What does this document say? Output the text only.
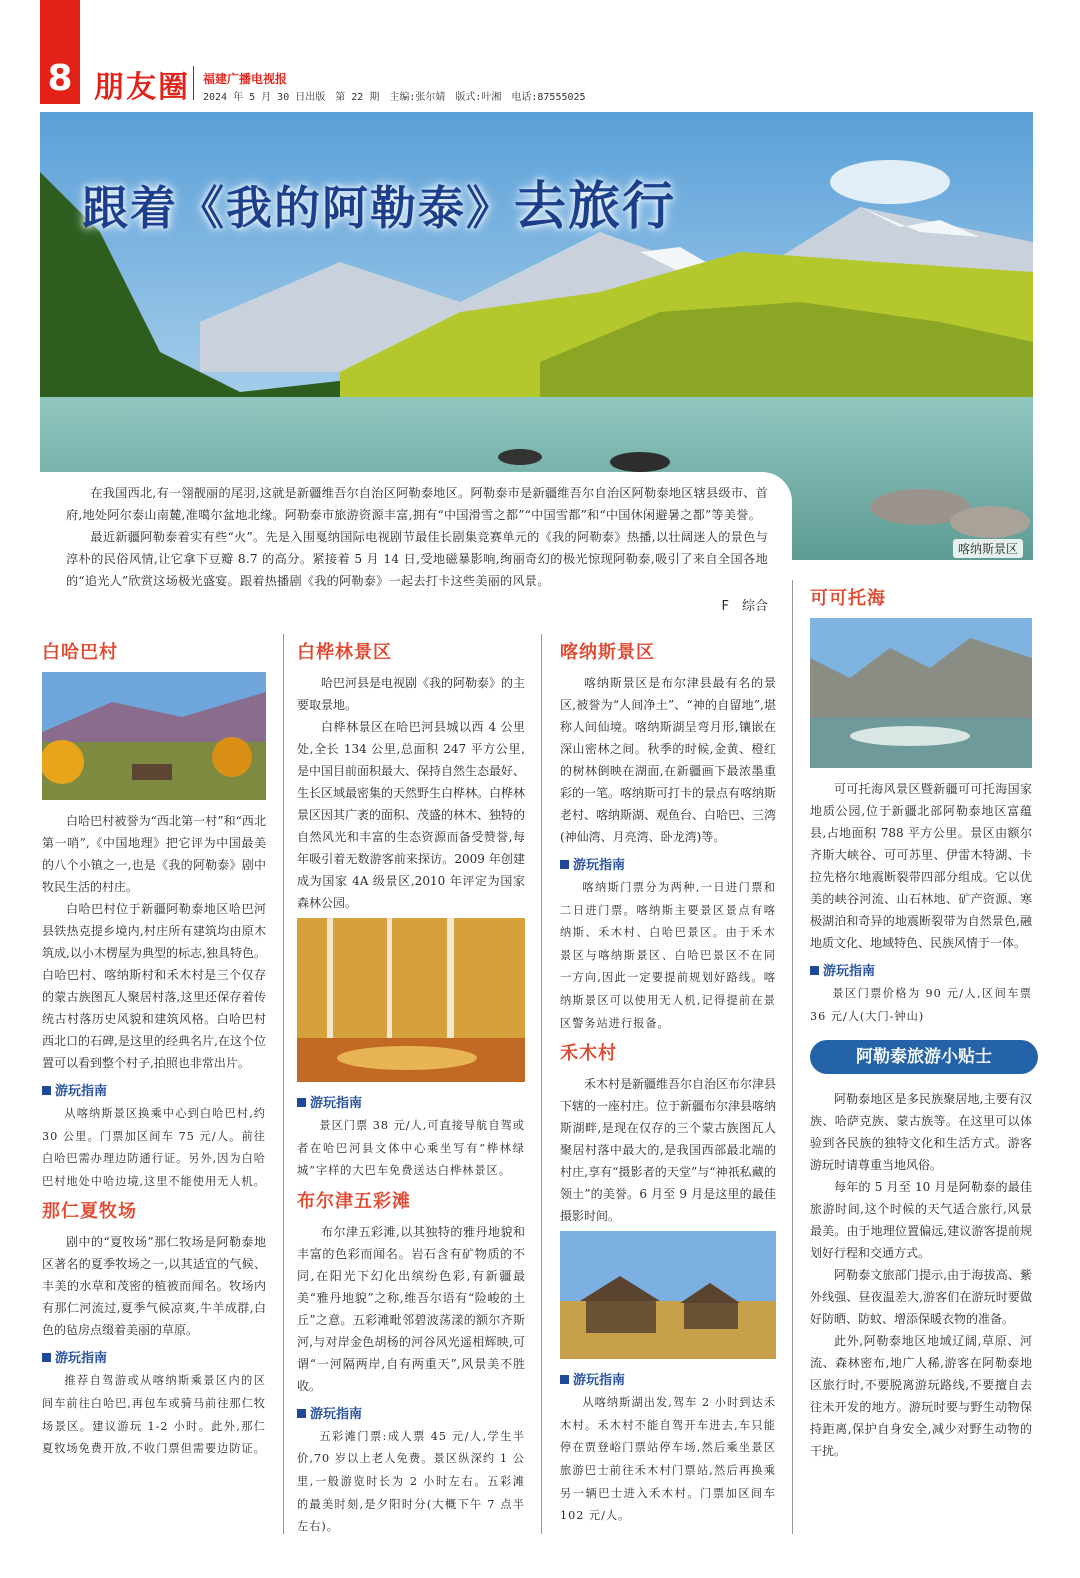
8 朋友圈 福建广播电视报
2024 年 5 月 30 日出版　第 22 期　主编:张尔婧　版式:叶湘　电话:87555025
跟着《我的阿勒泰》去旅行
喀纳斯景区

在我国西北,有一翎靓丽的尾羽,这就是新疆维吾尔自治区阿勒泰地区。阿勒泰市是新疆维吾尔自治区阿勒泰地区辖县级市、首府,地处阿尔泰山南麓,准噶尔盆地北缘。阿勒泰市旅游资源丰富,拥有“中国滑雪之都”“中国雪都”和“中国休闲避暑之都”等美誉。

最近新疆阿勒泰着实有些“火”。先是入围戛纳国际电视剧节最佳长剧集竞赛单元的《我的阿勒泰》热播,以壮阔迷人的景色与淳朴的民俗风情,让它拿下豆瓣 8.7 的高分。紧接着 5 月 14 日,受地磁暴影响,绚丽奇幻的极光惊现阿勒泰,吸引了来自全国各地的“追光人”欣赏这场极光盛宴。跟着热播剧《我的阿勒泰》一起去打卡这些美丽的风景。

F　综合
白哈巴村

白哈巴村被誉为“西北第一村”和“西北第一哨”,《中国地理》把它评为中国最美的八个小镇之一,也是《我的阿勒泰》剧中牧民生活的村庄。

白哈巴村位于新疆阿勒泰地区哈巴河县铁热克提乡境内,村庄所有建筑均由原木筑成,以小木楞屋为典型的标志,独具特色。白哈巴村、喀纳斯村和禾木村是三个仅存的蒙古族图瓦人聚居村落,这里还保存着传统古村落历史风貌和建筑风格。白哈巴村西北口的石碑,是这里的经典名片,在这个位置可以看到整个村子,拍照也非常出片。

游玩指南

从喀纳斯景区换乘中心到白哈巴村,约 30 公里。门票加区间车 75 元/人。前往白哈巴需办理边防通行证。另外,因为白哈巴村地处中哈边境,这里不能使用无人机。

那仁夏牧场

剧中的“夏牧场”那仁牧场是阿勒泰地区著名的夏季牧场之一,以其适宜的气候、丰美的水草和茂密的植被而闻名。牧场内有那仁河流过,夏季气候凉爽,牛羊成群,白色的毡房点缀着美丽的草原。

游玩指南

推荐自驾游或从喀纳斯乘景区内的区间车前往白哈巴,再包车或骑马前往那仁牧场景区。建议游玩 1-2 小时。此外,那仁夏牧场免费开放,不收门票但需要边防证。

白桦林景区

哈巴河县是电视剧《我的阿勒泰》的主要取景地。

白桦林景区在哈巴河县城以西 4 公里处,全长 134 公里,总面积 247 平方公里,是中国目前面积最大、保持自然生态最好、生长区域最密集的天然野生白桦林。白桦林景区因其广袤的面积、茂盛的林木、独特的自然风光和丰富的生态资源而备受赞誉,每年吸引着无数游客前来探访。2009 年创建成为国家 4A 级景区,2010 年评定为国家森林公园。

游玩指南

景区门票 38 元/人,可直接导航自驾或者在哈巴河县文体中心乘坐写有“桦林绿城”字样的大巴车免费送达白桦林景区。

布尔津五彩滩

布尔津五彩滩,以其独特的雅丹地貌和丰富的色彩而闻名。岩石含有矿物质的不同,在阳光下幻化出缤纷色彩,有新疆最美“雅丹地貌”之称,维吾尔语有“险峻的土丘”之意。五彩滩毗邻碧波荡漾的额尔齐斯河,与对岸金色胡杨的河谷风光遥相辉映,可谓“一河隔两岸,自有两重天”,风景美不胜收。

游玩指南

五彩滩门票:成人票 45 元/人,学生半价,70 岁以上老人免费。景区纵深约 1 公里,一般游览时长为 2 小时左右。五彩滩的最美时刻,是夕阳时分(大概下午 7 点半左右)。

喀纳斯景区

喀纳斯景区是布尔津县最有名的景区,被誉为“人间净土”、“神的自留地”,堪称人间仙境。喀纳斯湖呈弯月形,镶嵌在深山密林之间。秋季的时候,金黄、橙红的树林倒映在湖面,在新疆画下最浓墨重彩的一笔。喀纳斯可打卡的景点有喀纳斯老村、喀纳斯湖、观鱼台、白哈巴、三湾(神仙湾、月亮湾、卧龙湾)等。

游玩指南

喀纳斯门票分为两种,一日进门票和二日进门票。喀纳斯主要景区景点有喀纳斯、禾木村、白哈巴景区。由于禾木景区与喀纳斯景区、白哈巴景区不在同一方向,因此一定要提前规划好路线。喀纳斯景区可以使用无人机,记得提前在景区警务站进行报备。

禾木村

禾木村是新疆维吾尔自治区布尔津县下辖的一座村庄。位于新疆布尔津县喀纳斯湖畔,是现在仅存的三个蒙古族图瓦人聚居村落中最大的,是我国西部最北端的村庄,享有“摄影者的天堂”与“神祇私藏的领土”的美誉。6 月至 9 月是这里的最佳摄影时间。

游玩指南

从喀纳斯湖出发,驾车 2 小时到达禾木村。禾木村不能自驾开车进去,车只能停在贾登峪门票站停车场,然后乘坐景区旅游巴士前往禾木村门票站,然后再换乘另一辆巴士进入禾木村。门票加区间车 102 元/人。

可可托海

可可托海风景区暨新疆可可托海国家地质公园,位于新疆北部阿勒泰地区富蕴县,占地面积 788 平方公里。景区由额尔齐斯大峡谷、可可苏里、伊雷木特湖、卡拉先格尔地震断裂带四部分组成。它以优美的峡谷河流、山石林地、矿产资源、寒极湖泊和奇异的地震断裂带为自然景色,融地质文化、地域特色、民族风情于一体。

游玩指南

景区门票价格为 90 元/人,区间车票 36 元/人(大门-钟山)

阿勒泰旅游小贴士

阿勒泰地区是多民族聚居地,主要有汉族、哈萨克族、蒙古族等。在这里可以体验到各民族的独特文化和生活方式。游客游玩时请尊重当地风俗。

每年的 5 月至 10 月是阿勒泰的最佳旅游时间,这个时候的天气适合旅行,风景最美。由于地理位置偏远,建议游客提前规划好行程和交通方式。

阿勒泰文旅部门提示,由于海拔高、紫外线强、昼夜温差大,游客们在游玩时要做好防晒、防蚊、增添保暖衣物的准备。

此外,阿勒泰地区地域辽阔,草原、河流、森林密布,地广人稀,游客在阿勒泰地区旅行时,不要脱离游玩路线,不要擅自去往未开发的地方。游玩时要与野生动物保持距离,保护自身安全,减少对野生动物的干扰。
